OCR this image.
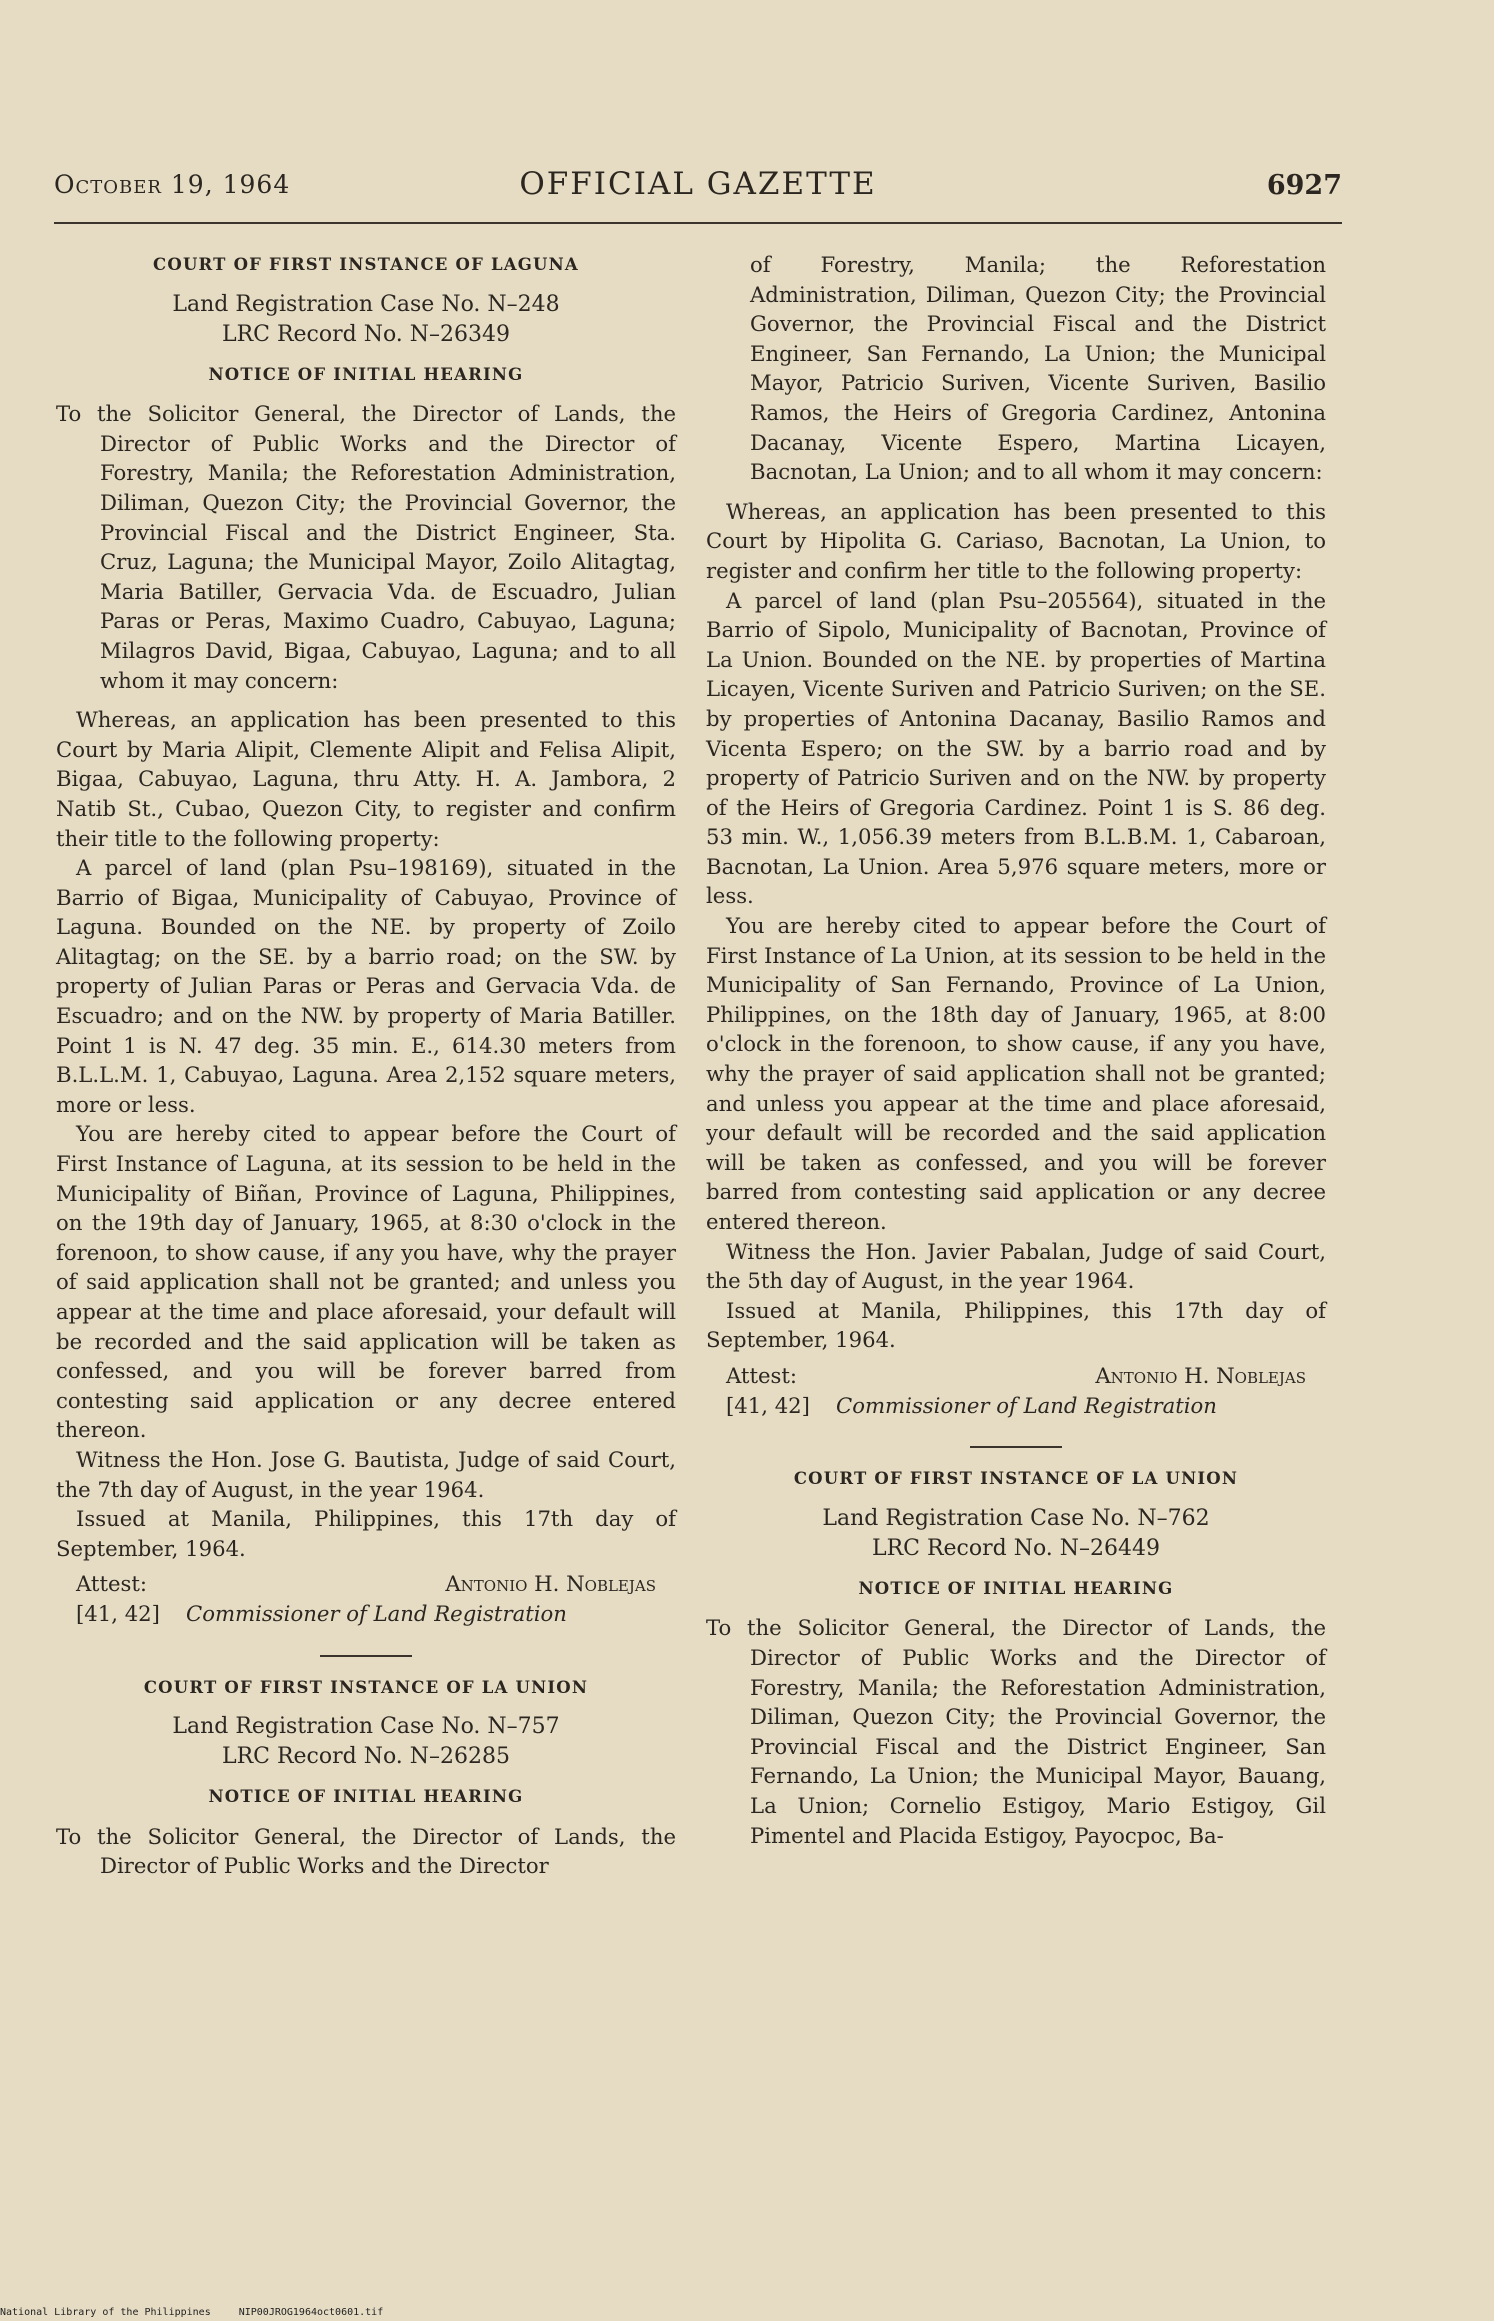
October 19, 1964	OFFICIAL GAZETTE	6927
COURT OF FIRST INSTANCE OF LAGUNA
Land Registration Case No. N–248
LRC Record No. N–26349
NOTICE OF INITIAL HEARING

To the Solicitor General, the Director of Lands, the Director of Public Works and the Director of Forestry, Manila; the Reforestation Administration, Diliman, Quezon City; the Provincial Governor, the Provincial Fiscal and the District Engineer, Sta. Cruz, Laguna; the Municipal Mayor, Zoilo Alitagtag, Maria Batiller, Gervacia Vda. de Escuadro, Julian Paras or Peras, Maximo Cuadro, Cabuyao, Laguna; Milagros David, Bigaa, Cabuyao, Laguna; and to all whom it may concern:

Whereas, an application has been presented to this Court by Maria Alipit, Clemente Alipit and Felisa Alipit, Bigaa, Cabuyao, Laguna, thru Atty. H. A. Jambora, 2 Natib St., Cubao, Quezon City, to register and confirm their title to the following property:

A parcel of land (plan Psu–198169), situated in the Barrio of Bigaa, Municipality of Cabuyao, Province of Laguna. Bounded on the NE. by property of Zoilo Alitagtag; on the SE. by a barrio road; on the SW. by property of Julian Paras or Peras and Gervacia Vda. de Escuadro; and on the NW. by property of Maria Batiller. Point 1 is N. 47 deg. 35 min. E., 614.30 meters from B.L.L.M. 1, Cabuyao, Laguna. Area 2,152 square meters, more or less.

You are hereby cited to appear before the Court of First Instance of Laguna, at its session to be held in the Municipality of Biñan, Province of Laguna, Philippines, on the 19th day of January, 1965, at 8:30 o'clock in the forenoon, to show cause, if any you have, why the prayer of said application shall not be granted; and unless you appear at the time and place aforesaid, your default will be recorded and the said application will be taken as confessed, and you will be forever barred from contesting said application or any decree entered thereon.

Witness the Hon. Jose G. Bautista, Judge of said Court, the 7th day of August, in the year 1964.

Issued at Manila, Philippines, this 17th day of September, 1964.

Attest:	Antonio H. Noblejas
[41, 42]	Commissioner of Land Registration
COURT OF FIRST INSTANCE OF LA UNION
Land Registration Case No. N–757
LRC Record No. N–26285
NOTICE OF INITIAL HEARING

To the Solicitor General, the Director of Lands, the Director of Public Works and the Director

of Forestry, Manila; the Reforestation Administration, Diliman, Quezon City; the Provincial Governor, the Provincial Fiscal and the District Engineer, San Fernando, La Union; the Municipal Mayor, Patricio Suriven, Vicente Suriven, Basilio Ramos, the Heirs of Gregoria Cardinez, Antonina Dacanay, Vicente Espero, Martina Licayen, Bacnotan, La Union; and to all whom it may concern:

Whereas, an application has been presented to this Court by Hipolita G. Cariaso, Bacnotan, La Union, to register and confirm her title to the following property:

A parcel of land (plan Psu–205564), situated in the Barrio of Sipolo, Municipality of Bacnotan, Province of La Union. Bounded on the NE. by properties of Martina Licayen, Vicente Suriven and Patricio Suriven; on the SE. by properties of Antonina Dacanay, Basilio Ramos and Vicenta Espero; on the SW. by a barrio road and by property of Patricio Suriven and on the NW. by property of the Heirs of Gregoria Cardinez. Point 1 is S. 86 deg. 53 min. W., 1,056.39 meters from B.L.B.M. 1, Cabaroan, Bacnotan, La Union. Area 5,976 square meters, more or less.

You are hereby cited to appear before the Court of First Instance of La Union, at its session to be held in the Municipality of San Fernando, Province of La Union, Philippines, on the 18th day of January, 1965, at 8:00 o'clock in the forenoon, to show cause, if any you have, why the prayer of said application shall not be granted; and unless you appear at the time and place aforesaid, your default will be recorded and the said application will be taken as confessed, and you will be forever barred from contesting said application or any decree entered thereon.

Witness the Hon. Javier Pabalan, Judge of said Court, the 5th day of August, in the year 1964.

Issued at Manila, Philippines, this 17th day of September, 1964.

Attest:	Antonio H. Noblejas
[41, 42]	Commissioner of Land Registration
COURT OF FIRST INSTANCE OF LA UNION
Land Registration Case No. N–762
LRC Record No. N–26449
NOTICE OF INITIAL HEARING

To the Solicitor General, the Director of Lands, the Director of Public Works and the Director of Forestry, Manila; the Reforestation Administration, Diliman, Quezon City; the Provincial Governor, the Provincial Fiscal and the District Engineer, San Fernando, La Union; the Municipal Mayor, Bauang, La Union; Cornelio Estigoy, Mario Estigoy, Gil Pimentel and Placida Estigoy, Payocpoc, Ba-

National Library of the Philippines	NIP00JROG1964oct0601.tif
